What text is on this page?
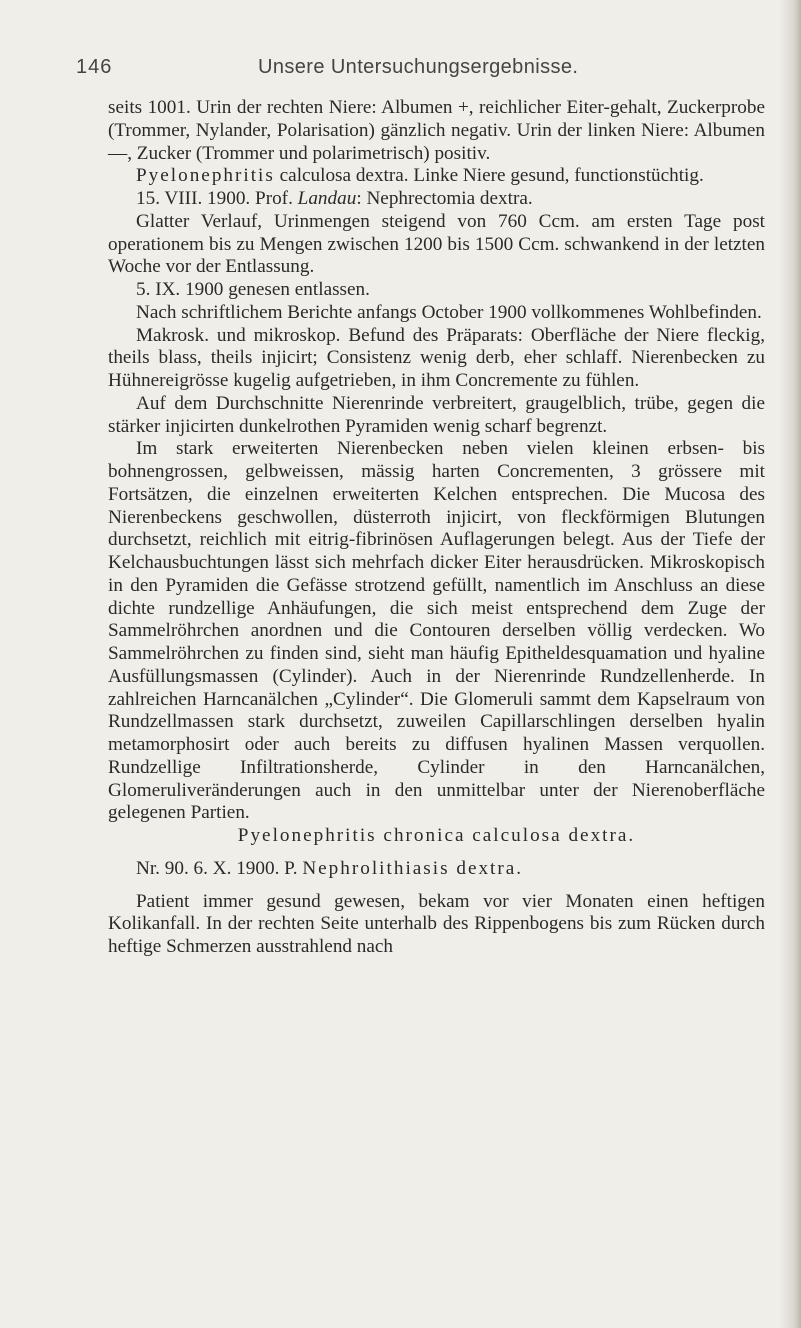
146	Unsere Untersuchungsergebnisse.

seits 1001. Urin der rechten Niere: Albumen +, reichlicher Eiter-gehalt, Zuckerprobe (Trommer, Nylander, Polarisation) gänzlich negativ. Urin der linken Niere: Albumen —, Zucker (Trommer und polarimetrisch) positiv.

Pyelonephritis calculosa dextra. Linke Niere gesund, functionstüchtig.

15. VIII. 1900. Prof. Landau: Nephrectomia dextra.

Glatter Verlauf, Urinmengen steigend von 760 Ccm. am ersten Tage post operationem bis zu Mengen zwischen 1200 bis 1500 Ccm. schwankend in der letzten Woche vor der Entlassung.

5. IX. 1900 genesen entlassen.

Nach schriftlichem Berichte anfangs October 1900 vollkommenes Wohlbefinden.

Makrosk. und mikroskop. Befund des Präparats: Oberfläche der Niere fleckig, theils blass, theils injicirt; Consistenz wenig derb, eher schlaff. Nierenbecken zu Hühnereigrösse kugelig aufgetrieben, in ihm Concremente zu fühlen.

Auf dem Durchschnitte Nierenrinde verbreitert, graugelblich, trübe, gegen die stärker injicirten dunkelrothen Pyramiden wenig scharf begrenzt.

Im stark erweiterten Nierenbecken neben vielen kleinen erbsen- bis bohnengrossen, gelbweissen, mässig harten Concrementen, 3 grössere mit Fortsätzen, die einzelnen erweiterten Kelchen entsprechen. Die Mucosa des Nierenbeckens geschwollen, düsterroth injicirt, von fleckförmigen Blutungen durchsetzt, reichlich mit eitrig-fibrinösen Auflagerungen belegt. Aus der Tiefe der Kelchausbuchtungen lässt sich mehrfach dicker Eiter herausdrücken. Mikroskopisch in den Pyramiden die Gefässe strotzend gefüllt, namentlich im Anschluss an diese dichte rundzellige Anhäufungen, die sich meist entsprechend dem Zuge der Sammelröhrchen anordnen und die Contouren derselben völlig verdecken. Wo Sammelröhrchen zu finden sind, sieht man häufig Epitheldesquamation und hyaline Ausfüllungsmassen (Cylinder). Auch in der Nierenrinde Rundzellenherde. In zahlreichen Harncanälchen „Cylinder“. Die Glomeruli sammt dem Kapselraum von Rundzellmassen stark durchsetzt, zuweilen Capillarschlingen derselben hyalin metamorphosirt oder auch bereits zu diffusen hyalinen Massen verquollen. Rundzellige Infiltrationsherde, Cylinder in den Harncanälchen, Glomeruliveränderungen auch in den unmittelbar unter der Nierenoberfläche gelegenen Partien.

Pyelonephritis chronica calculosa dextra.

Nr. 90. 6. X. 1900. P. Nephrolithiasis dextra.

Patient immer gesund gewesen, bekam vor vier Monaten einen heftigen Kolikanfall. In der rechten Seite unterhalb des Rippenbogens bis zum Rücken durch heftige Schmerzen ausstrahlend nach
